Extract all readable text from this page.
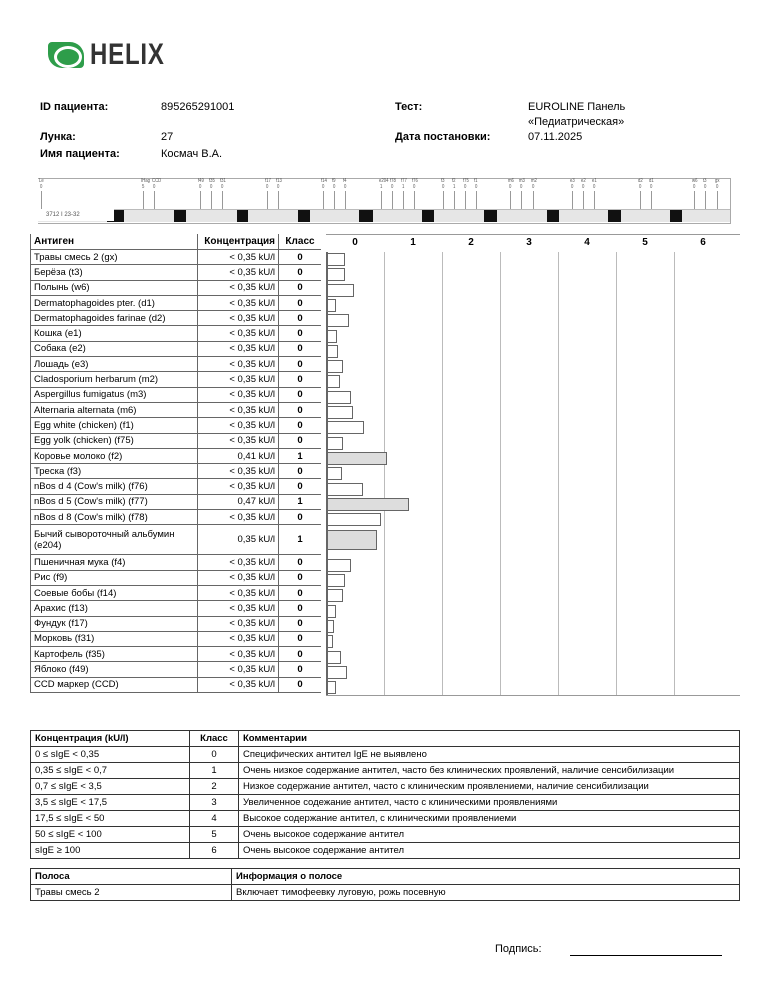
HELIX
ID пациента:	895265291001
Лунка:	27
Имя пациента:	Космач В.А.
Тест:	EUROLINE Панель
«Педиатрическая»
Дата постановки:	07.11.2025
3712 I 23-32
Le
0
IHag
5
CCD
0
f49
0
f35
0
f31
0
f17
0
f13
0
f14
0
f9
0
f4
0
e204
1
f78
0
f77
1
f76
0
f3
0
f2
1
f75
0
f1
0
m6
0
m3
0
m2
0
e3
0
e2
0
e1
0
d2
0
d1
0
w6
0
t3
0
gx
0
Антиген	Концентрация	Класс
Травы смесь 2 (gx)	< 0,35 kU/l	0
Берёза (t3)	< 0,35 kU/l	0
Полынь (w6)	< 0,35 kU/l	0
Dermatophagoides pter. (d1)	< 0,35 kU/l	0
Dermatophagoides farinae (d2)	< 0,35 kU/l	0
Кошка (e1)	< 0,35 kU/l	0
Собака (e2)	< 0,35 kU/l	0
Лошадь (e3)	< 0,35 kU/l	0
Cladosporium herbarum (m2)	< 0,35 kU/l	0
Aspergillus fumigatus (m3)	< 0,35 kU/l	0
Alternaria alternata (m6)	< 0,35 kU/l	0
Egg white (chicken) (f1)	< 0,35 kU/l	0
Egg yolk (chicken) (f75)	< 0,35 kU/l	0
Коровье молоко (f2)	0,41 kU/l	1
Треска (f3)	< 0,35 kU/l	0
nBos d 4 (Cow's milk) (f76)	< 0,35 kU/l	0
nBos d 5 (Cow's milk) (f77)	0,47 kU/l	1
nBos d 8 (Cow's milk) (f78)	< 0,35 kU/l	0
Бычий сывороточный альбумин (e204)	0,35 kU/l	1
Пшеничная мука (f4)	< 0,35 kU/l	0
Рис (f9)	< 0,35 kU/l	0
Соевые бобы (f14)	< 0,35 kU/l	0
Арахис (f13)	< 0,35 kU/l	0
Фундук (f17)	< 0,35 kU/l	0
Морковь (f31)	< 0,35 kU/l	0
Картофель (f35)	< 0,35 kU/l	0
Яблоко (f49)	< 0,35 kU/l	0
CCD маркер (CCD)	< 0,35 kU/l	0
0	1	2	3	4	5	6
Концентрация (kU/l)	Класс	Комментарии
0 ≤ sIgE < 0,35	0	Специфических антител IgE не выявлено
0,35 ≤ sIgE < 0,7	1	Очень низкое содержание антител, часто без клинических проявлений, наличие сенсибилизации
0,7 ≤ sIgE < 3,5	2	Низкое содержание антител, часто с клиническим проявлениеми, наличие сенсибилизации
3,5 ≤ sIgE < 17,5	3	Увеличенное содежание антител, часто с клиническими проявлениями
17,5 ≤ sIgE < 50	4	Высокое содержание антител, с клиническими проявлениеми
50 ≤ sIgE < 100	5	Очень высокое содержание антител
sIgE ≥ 100	6	Очень высокое содержание антител
Полоса	Информация о полосе
Травы смесь 2	Включает тимофеевку луговую, рожь посевную
Подпись:
